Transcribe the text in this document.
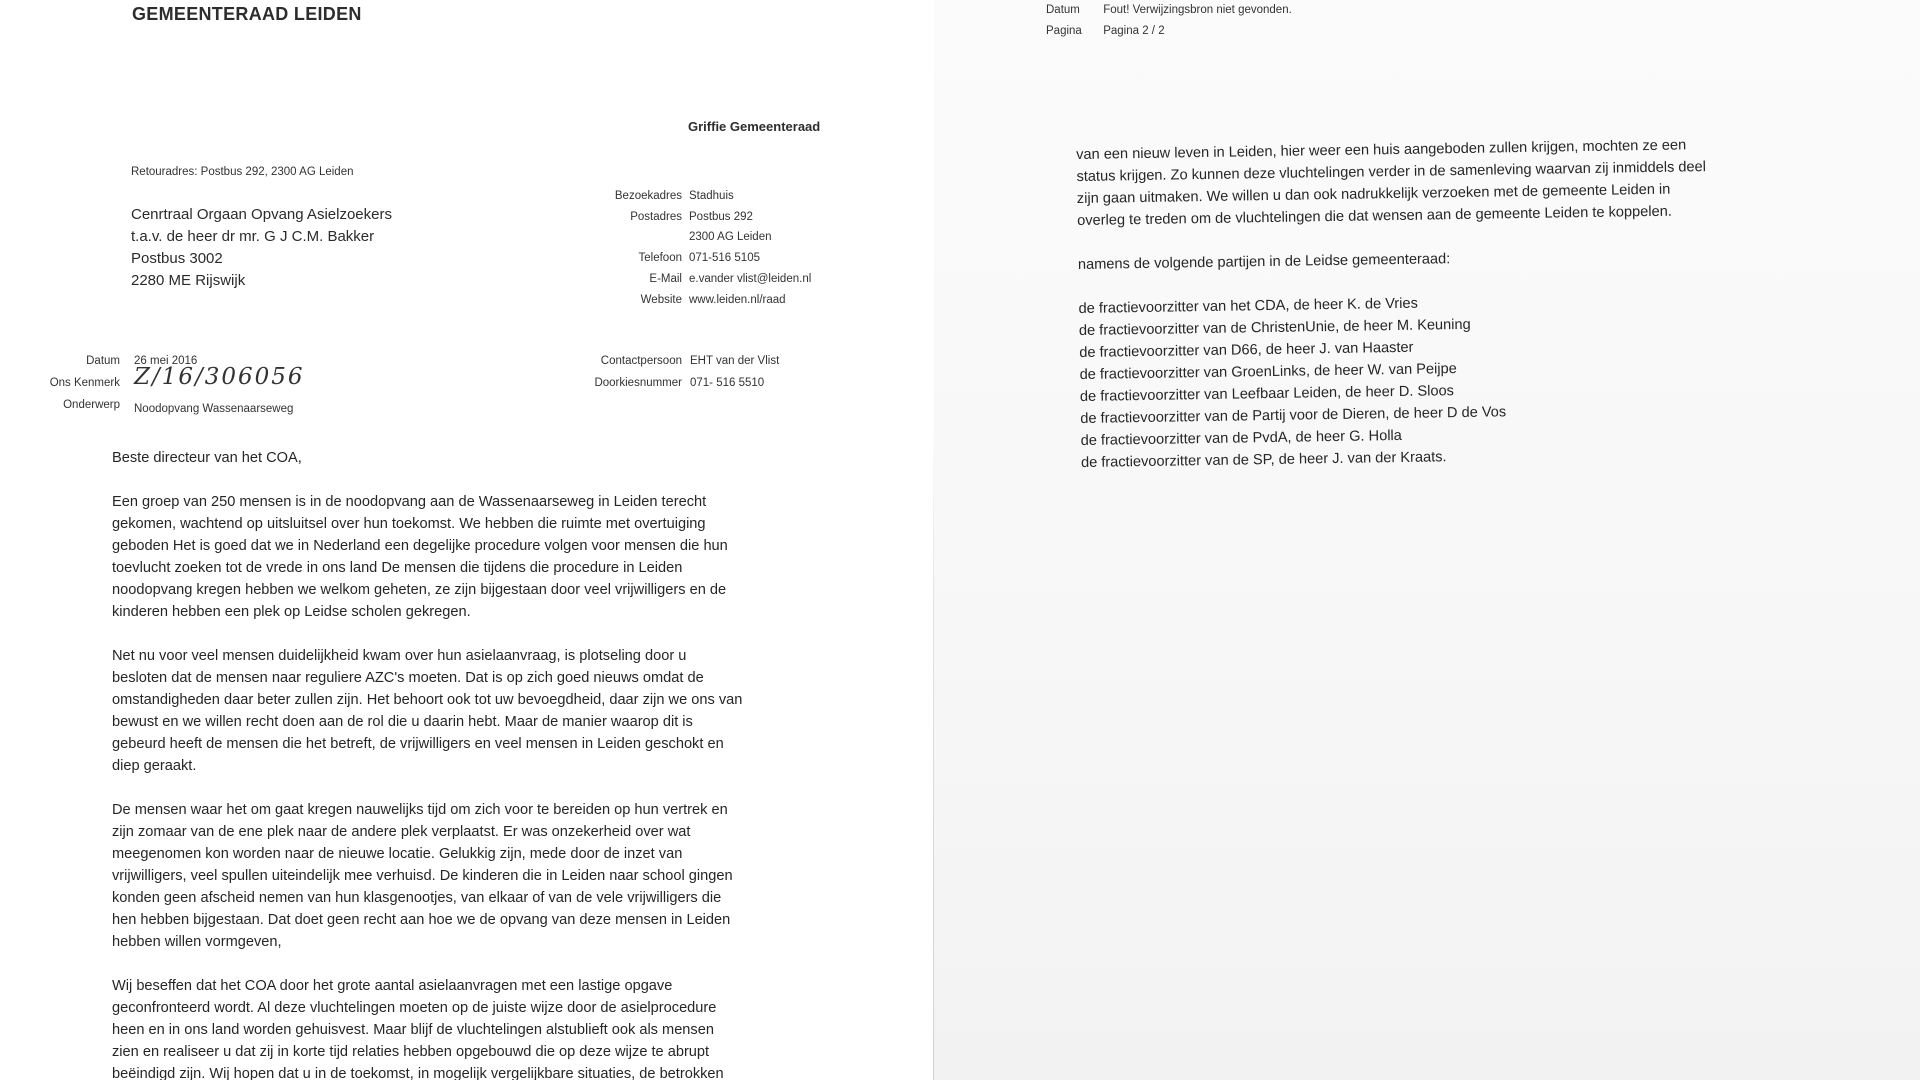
GEMEENTERAAD LEIDEN
Griffie Gemeenteraad
Retouradres: Postbus 292, 2300 AG Leiden
Cenrtraal Orgaan Opvang Asielzoekers
t.a.v. de heer dr mr. G J C.M. Bakker
Postbus 3002
2280 ME Rijswijk
Bezoekadres
Postadres

Telefoon
E-Mail
Website
Stadhuis
Postbus 292
2300 AG Leiden
071-516 5105
e.vander vlist@leiden.nl
www.leiden.nl/raad
Datum
Ons Kenmerk
Onderwerp
26 mei 2016
Z/16/306056
Noodopvang Wassenaarseweg
Contactpersoon
Doorkiesnummer
EHT van der Vlist
071- 516 5510
Beste directeur van het COA,
Een groep van 250 mensen is in de noodopvang aan de Wassenaarseweg in Leiden terecht
gekomen, wachtend op uitsluitsel over hun toekomst. We hebben die ruimte met overtuiging
geboden Het is goed dat we in Nederland een degelijke procedure volgen voor mensen die hun
toevlucht zoeken tot de vrede in ons land De mensen die tijdens die procedure in Leiden
noodopvang kregen hebben we welkom geheten, ze zijn bijgestaan door veel vrijwilligers en de
kinderen hebben een plek op Leidse scholen gekregen.
Net nu voor veel mensen duidelijkheid kwam over hun asielaanvraag, is plotseling door u
besloten dat de mensen naar reguliere AZC's moeten. Dat is op zich goed nieuws omdat de
omstandigheden daar beter zullen zijn. Het behoort ook tot uw bevoegdheid, daar zijn we ons van
bewust en we willen recht doen aan de rol die u daarin hebt. Maar de manier waarop dit is
gebeurd heeft de mensen die het betreft, de vrijwilligers en veel mensen in Leiden geschokt en
diep geraakt.
De mensen waar het om gaat kregen nauwelijks tijd om zich voor te bereiden op hun vertrek en
zijn zomaar van de ene plek naar de andere plek verplaatst. Er was onzekerheid over wat
meegenomen kon worden naar de nieuwe locatie. Gelukkig zijn, mede door de inzet van
vrijwilligers, veel spullen uiteindelijk mee verhuisd. De kinderen die in Leiden naar school gingen
konden geen afscheid nemen van hun klasgenootjes, van elkaar of van de vele vrijwilligers die
hen hebben bijgestaan. Dat doet geen recht aan hoe we de opvang van deze mensen in Leiden
hebben willen vormgeven,
Wij beseffen dat het COA door het grote aantal asielaanvragen met een lastige opgave
geconfronteerd wordt. Al deze vluchtelingen moeten op de juiste wijze door de asielprocedure
heen en in ons land worden gehuisvest. Maar blijf de vluchtelingen alstublieft ook als mensen
zien en realiseer u dat zij in korte tijd relaties hebben opgebouwd die op deze wijze te abrupt
beëindigd zijn. Wij hopen dat u in de toekomst, in mogelijk vergelijkbare situaties, de betrokken
Datum Fout! Verwijzingsbron niet gevonden.
Pagina Pagina 2 / 2
van een nieuw leven in Leiden, hier weer een huis aangeboden zullen krijgen, mochten ze een
status krijgen. Zo kunnen deze vluchtelingen verder in de samenleving waarvan zij inmiddels deel
zijn gaan uitmaken. We willen u dan ook nadrukkelijk verzoeken met de gemeente Leiden in
overleg te treden om de vluchtelingen die dat wensen aan de gemeente Leiden te koppelen.
namens de volgende partijen in de Leidse gemeenteraad:
de fractievoorzitter van het CDA, de heer K. de Vries
de fractievoorzitter van de ChristenUnie, de heer M. Keuning
de fractievoorzitter van D66, de heer J. van Haaster
de fractievoorzitter van GroenLinks, de heer W. van Peijpe
de fractievoorzitter van Leefbaar Leiden, de heer D. Sloos
de fractievoorzitter van de Partij voor de Dieren, de heer D de Vos
de fractievoorzitter van de PvdA, de heer G. Holla
de fractievoorzitter van de SP, de heer J. van der Kraats.
